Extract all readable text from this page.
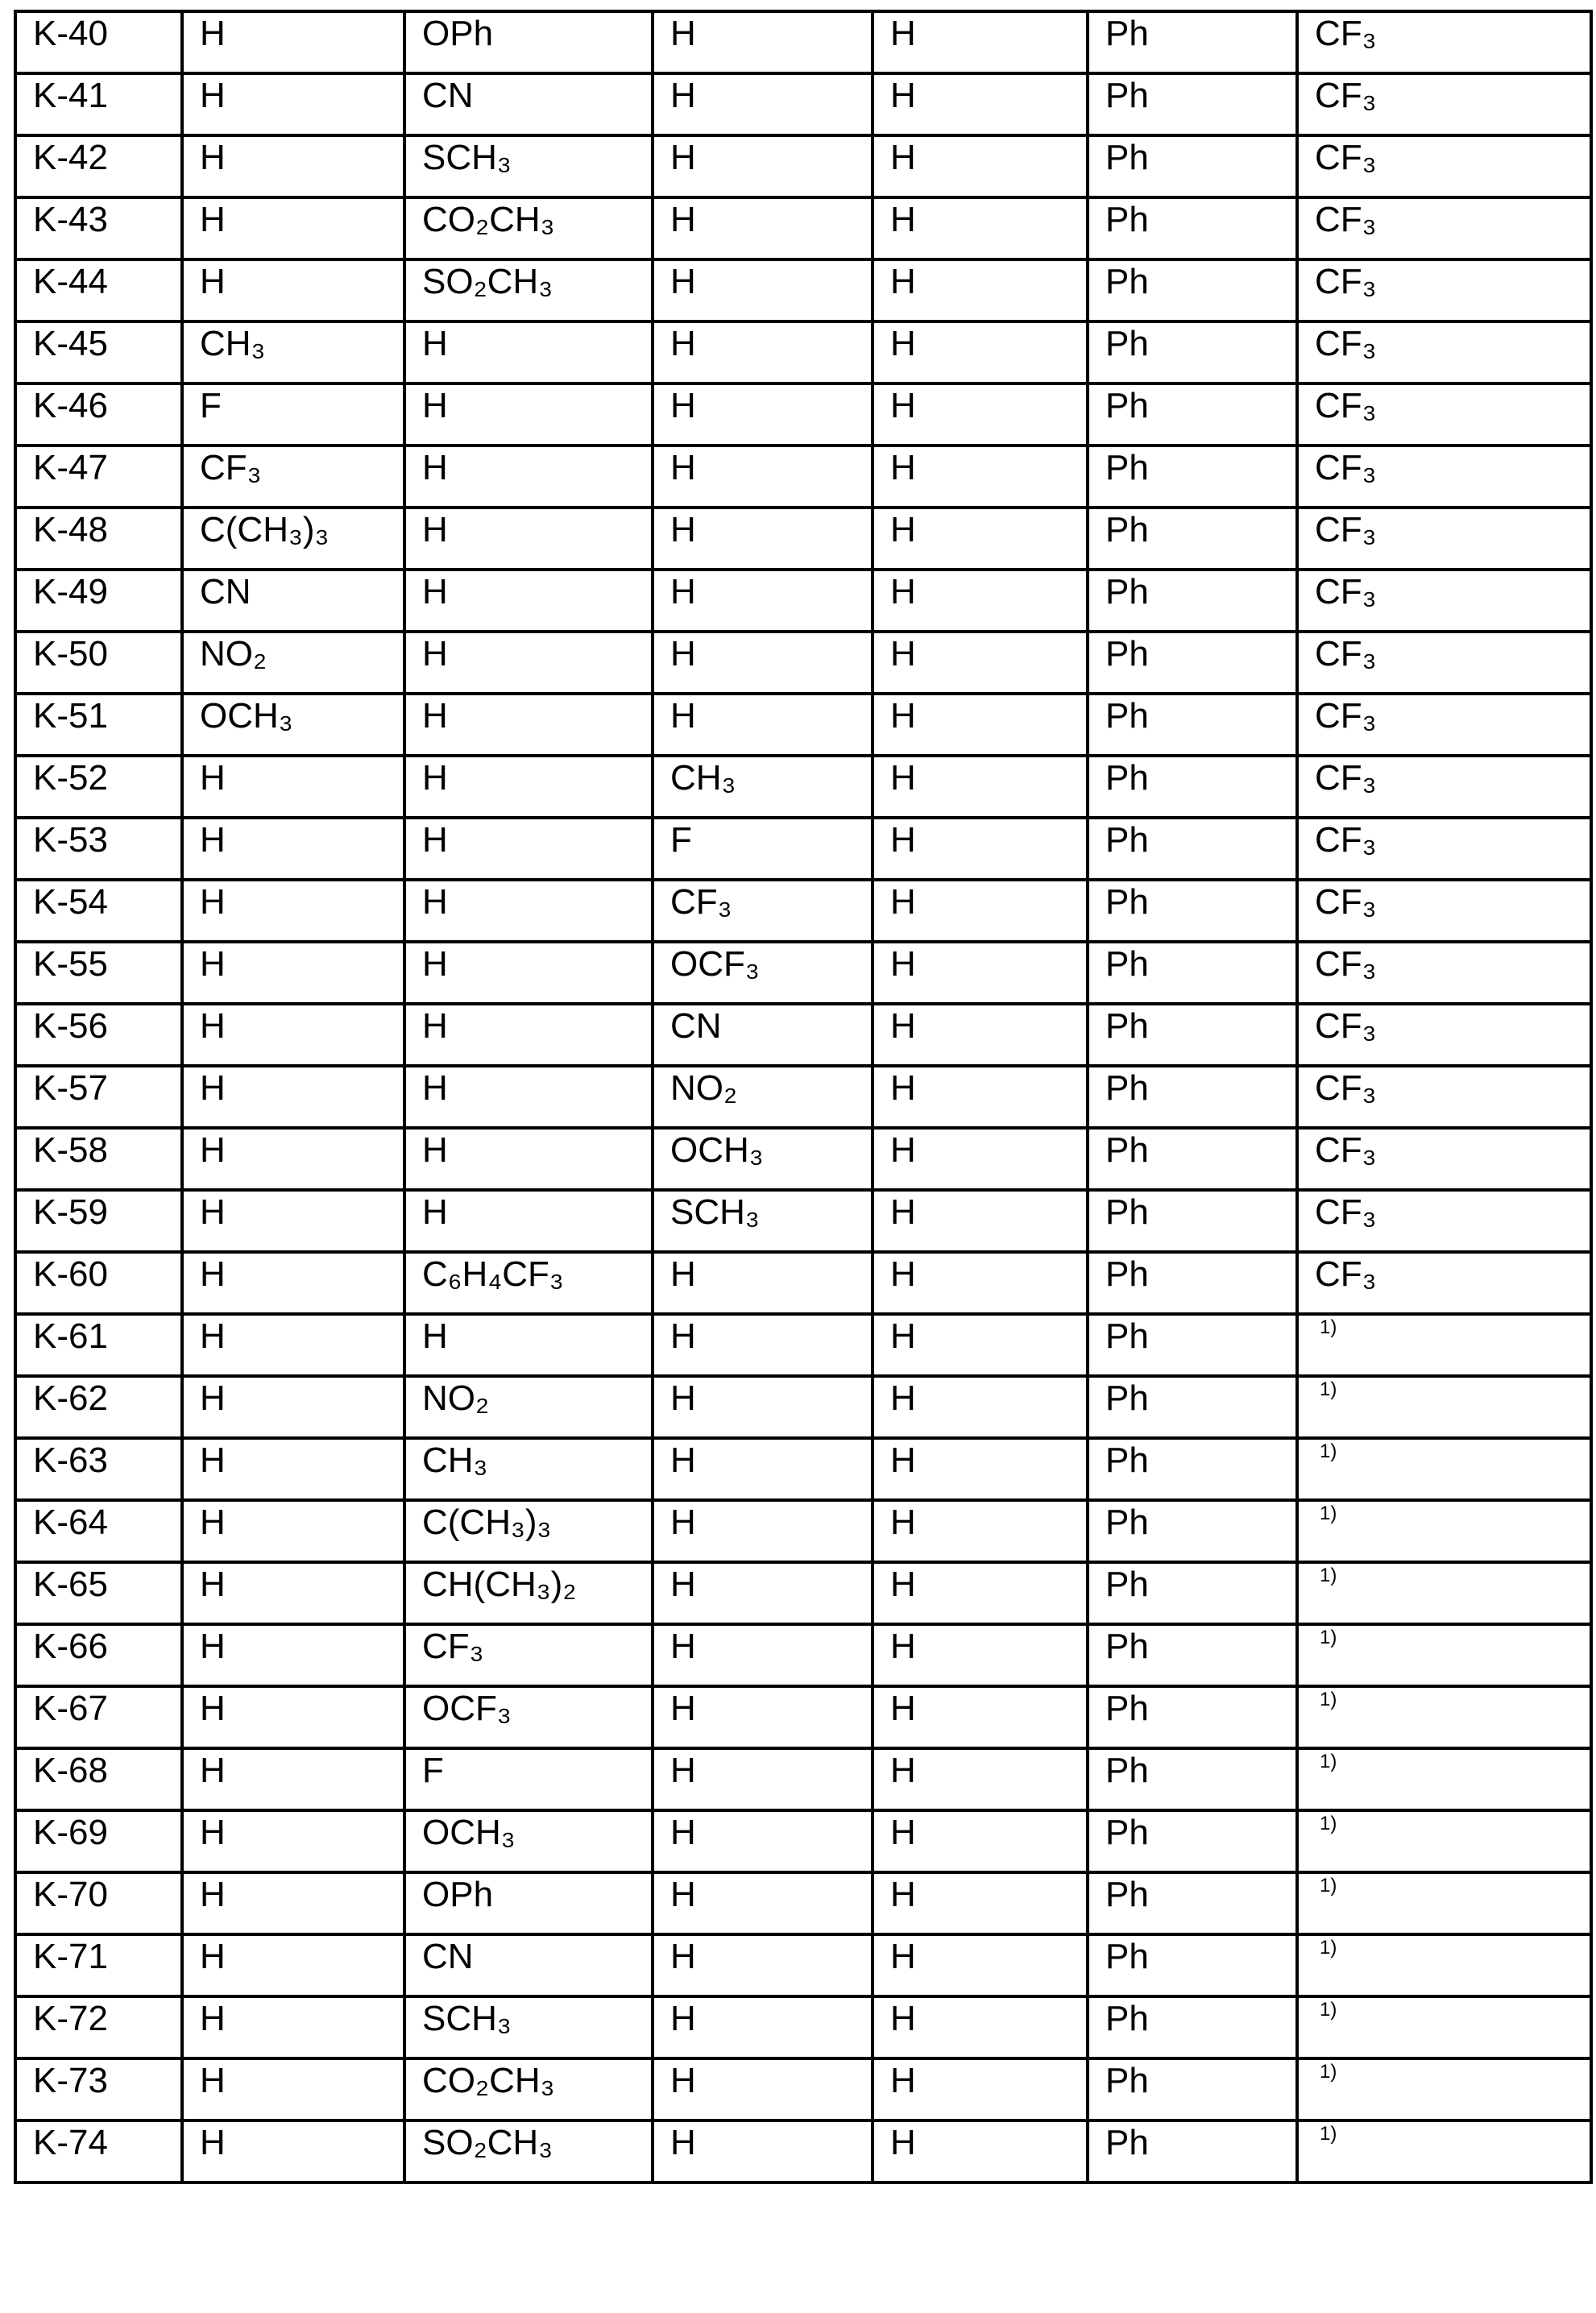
K-40	H	OPh	H	H	Ph	CF₃
K-41	H	CN	H	H	Ph	CF₃
K-42	H	SCH₃	H	H	Ph	CF₃
K-43	H	CO₂CH₃	H	H	Ph	CF₃
K-44	H	SO₂CH₃	H	H	Ph	CF₃
K-45	CH₃	H	H	H	Ph	CF₃
K-46	F	H	H	H	Ph	CF₃
K-47	CF₃	H	H	H	Ph	CF₃
K-48	C(CH₃)₃	H	H	H	Ph	CF₃
K-49	CN	H	H	H	Ph	CF₃
K-50	NO₂	H	H	H	Ph	CF₃
K-51	OCH₃	H	H	H	Ph	CF₃
K-52	H	H	CH₃	H	Ph	CF₃
K-53	H	H	F	H	Ph	CF₃
K-54	H	H	CF₃	H	Ph	CF₃
K-55	H	H	OCF₃	H	Ph	CF₃
K-56	H	H	CN	H	Ph	CF₃
K-57	H	H	NO₂	H	Ph	CF₃
K-58	H	H	OCH₃	H	Ph	CF₃
K-59	H	H	SCH₃	H	Ph	CF₃
K-60	H	C₆H₄CF₃	H	H	Ph	CF₃
K-61	H	H	H	H	Ph	1)
K-62	H	NO₂	H	H	Ph	1)
K-63	H	CH₃	H	H	Ph	1)
K-64	H	C(CH₃)₃	H	H	Ph	1)
K-65	H	CH(CH₃)₂	H	H	Ph	1)
K-66	H	CF₃	H	H	Ph	1)
K-67	H	OCF₃	H	H	Ph	1)
K-68	H	F	H	H	Ph	1)
K-69	H	OCH₃	H	H	Ph	1)
K-70	H	OPh	H	H	Ph	1)
K-71	H	CN	H	H	Ph	1)
K-72	H	SCH₃	H	H	Ph	1)
K-73	H	CO₂CH₃	H	H	Ph	1)
K-74	H	SO₂CH₃	H	H	Ph	1)
